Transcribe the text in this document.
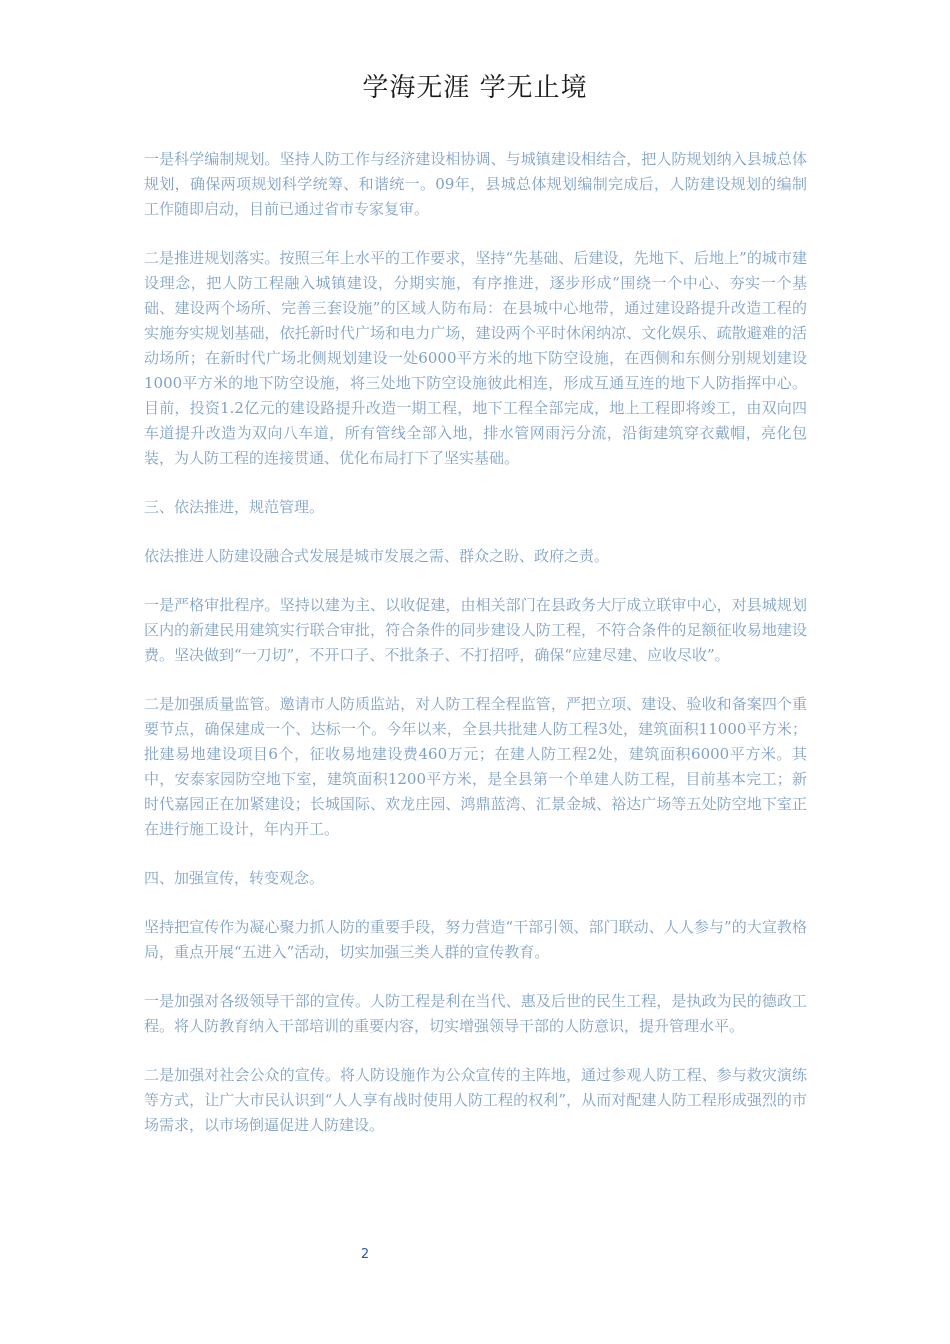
学海无涯 学无止境

一是科学编制规划。坚持人防工作与经济建设相协调、与城镇建设相结合，把人防规划纳入县城总体规划，确保两项规划科学统筹、和谐统一。09年，县城总体规划编制完成后，人防建设规划的编制工作随即启动，目前已通过省市专家复审。

二是推进规划落实。按照三年上水平的工作要求，坚持“先基础、后建设，先地下、后地上”的城市建设理念，把人防工程融入城镇建设，分期实施，有序推进，逐步形成“围绕一个中心、夯实一个基础、建设两个场所、完善三套设施”的区域人防布局：在县城中心地带，通过建设路提升改造工程的实施夯实规划基础，依托新时代广场和电力广场，建设两个平时休闲纳凉、文化娱乐、疏散避难的活动场所；在新时代广场北侧规划建设一处6000平方米的地下防空设施，在西侧和东侧分别规划建设1000平方米的地下防空设施，将三处地下防空设施彼此相连，形成互通互连的地下人防指挥中心。目前，投资1.2亿元的建设路提升改造一期工程，地下工程全部完成，地上工程即将竣工，由双向四车道提升改造为双向八车道，所有管线全部入地，排水管网雨污分流，沿街建筑穿衣戴帽，亮化包装，为人防工程的连接贯通、优化布局打下了坚实基础。

三、依法推进，规范管理。

依法推进人防建设融合式发展是城市发展之需、群众之盼、政府之责。

一是严格审批程序。坚持以建为主、以收促建，由相关部门在县政务大厅成立联审中心，对县城规划区内的新建民用建筑实行联合审批，符合条件的同步建设人防工程，不符合条件的足额征收易地建设费。坚决做到“一刀切”，不开口子、不批条子、不打招呼，确保“应建尽建、应收尽收”。

二是加强质量监管。邀请市人防质监站，对人防工程全程监管，严把立项、建设、验收和备案四个重要节点，确保建成一个、达标一个。今年以来，全县共批建人防工程3处，建筑面积11000平方米；批建易地建设项目6个，征收易地建设费460万元；在建人防工程2处，建筑面积6000平方米。其中，安泰家园防空地下室，建筑面积1200平方米，是全县第一个单建人防工程，目前基本完工；新时代嘉园正在加紧建设；长城国际、欢龙庄园、鸿鼎蓝湾、汇景金城、裕达广场等五处防空地下室正在进行施工设计，年内开工。

四、加强宣传，转变观念。

坚持把宣传作为凝心聚力抓人防的重要手段，努力营造“干部引领、部门联动、人人参与”的大宣教格局，重点开展“五进入”活动，切实加强三类人群的宣传教育。

一是加强对各级领导干部的宣传。人防工程是利在当代、惠及后世的民生工程，是执政为民的德政工程。将人防教育纳入干部培训的重要内容，切实增强领导干部的人防意识，提升管理水平。

二是加强对社会公众的宣传。将人防设施作为公众宣传的主阵地，通过参观人防工程、参与救灾演练等方式，让广大市民认识到“人人享有战时使用人防工程的权利”，从而对配建人防工程形成强烈的市场需求，以市场倒逼促进人防建设。

2
